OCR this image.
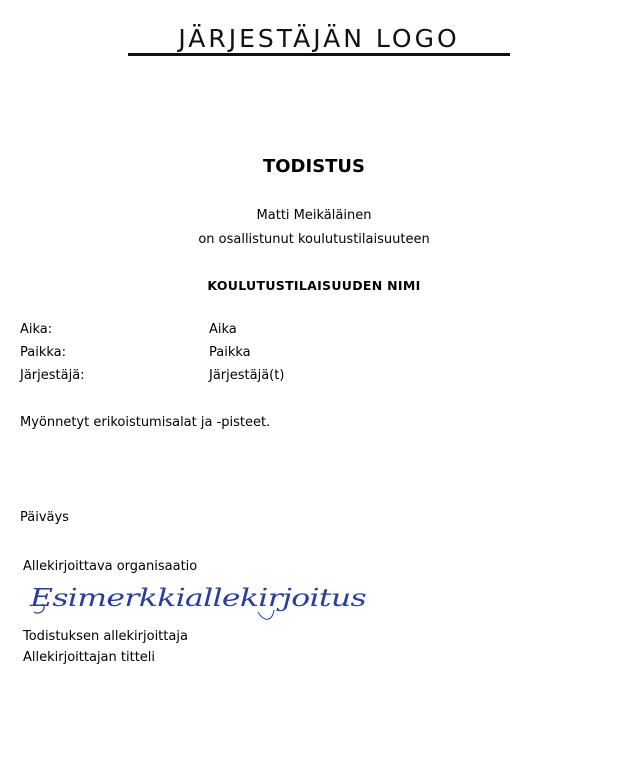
JÄRJESTÄJÄN LOGO
TODISTUS
Matti Meikäläinen
on osallistunut koulutustilaisuuteen
KOULUTUSTILAISUUDEN NIMI
Aika:	Aika
Paikka:	Paikka
Järjestäjä:	Järjestäjä(t)
Myönnetyt erikoistumisalat ja -pisteet.
Päiväys
Allekirjoittava organisaatio
Esimerkkiallekirjoitus
Todistuksen allekirjoittaja
Allekirjoittajan titteli
